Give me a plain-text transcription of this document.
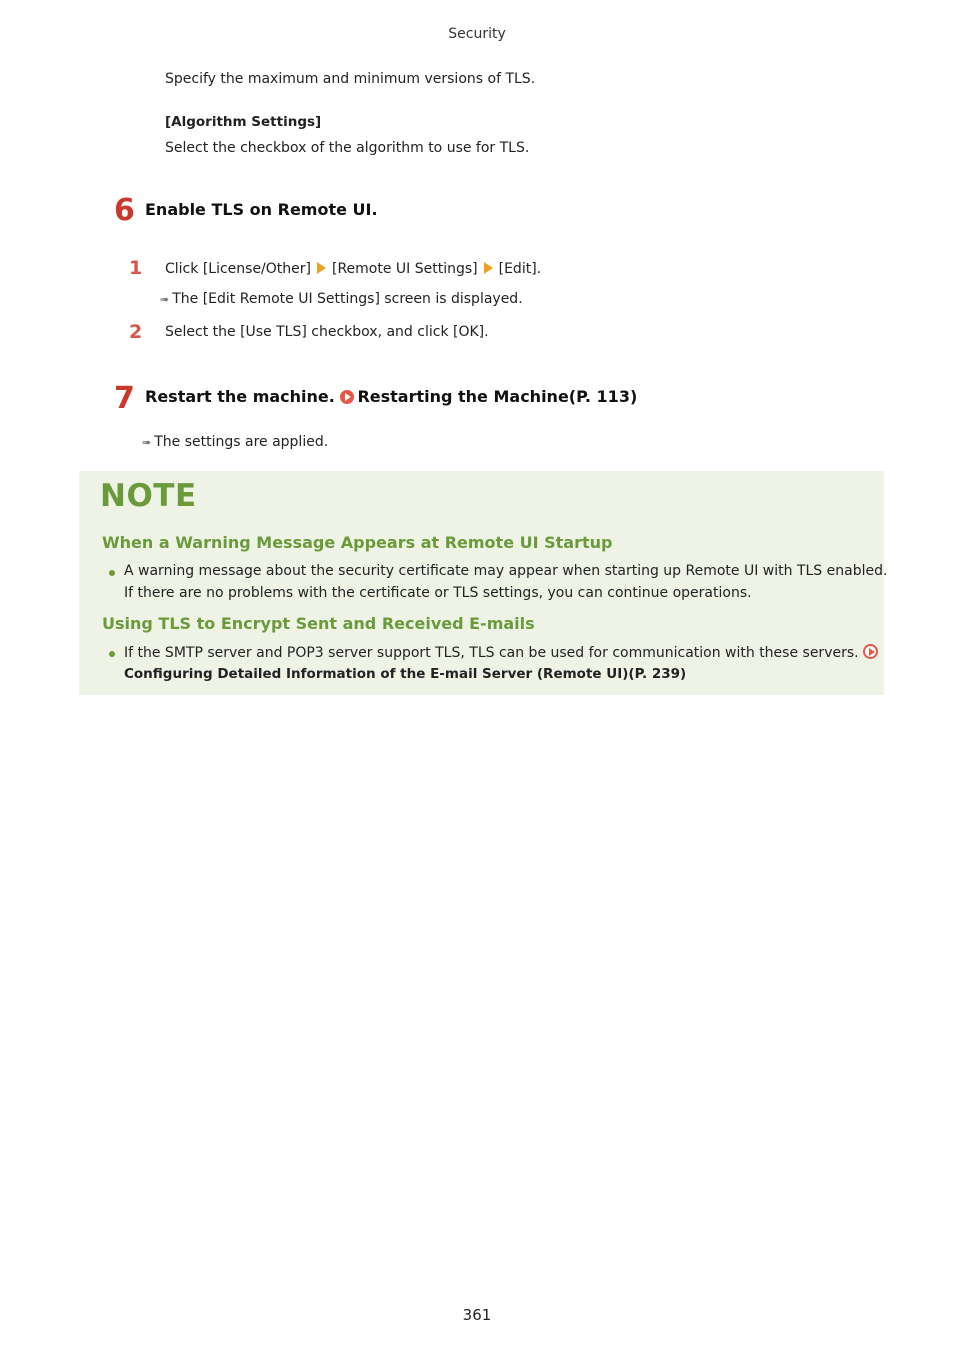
Security
Specify the maximum and minimum versions of TLS.
[Algorithm Settings]
Select the checkbox of the algorithm to use for TLS.
6 Enable TLS on Remote UI.
1 Click [License/Other] [Remote UI Settings] [Edit].
➠ The [Edit Remote UI Settings] screen is displayed.
2 Select the [Use TLS] checkbox, and click [OK].
7 Restart the machine. Restarting the Machine(P. 113)
➠ The settings are applied.
NOTE
When a Warning Message Appears at Remote UI Startup
A warning message about the security certificate may appear when starting up Remote UI with TLS enabled.
If there are no problems with the certificate or TLS settings, you can continue operations.
Using TLS to Encrypt Sent and Received E-mails
If the SMTP server and POP3 server support TLS, TLS can be used for communication with these servers.
Configuring Detailed Information of the E-mail Server (Remote UI)(P. 239)
361
